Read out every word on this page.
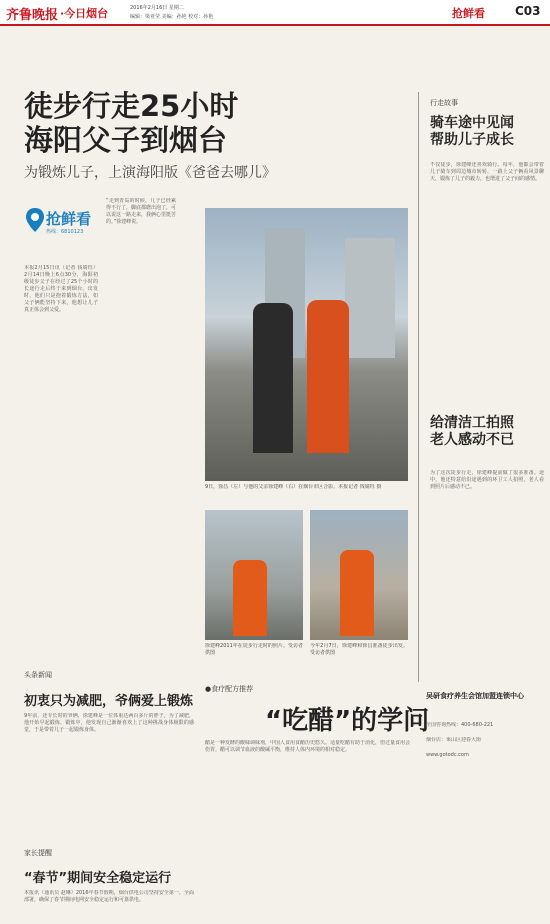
齐鲁晚报 ·今日烟台	2016年2月16日 星期二
编辑：梁亚莹 美编：孙艳 校对：孙艳	抢鲜看	C03
徒步行走25小时
海阳父子到烟台
为锻炼儿子，上演海阳版《爸爸去哪儿》
抢鲜看
热线：6810123
本报2月15日讯（记者 钱婧钰）2月14日晚上6点30分，海阳初级徒步父子在经过了25个小时的长途行走后终于来到烟台。出发时，他们只是抱着锻炼方法，如父子俩能坚持下来，他想让儿子真正体会到父爱。
“走到青岛的时候，儿子已经累得不行了，脚底都磨出泡了，可以说这一路走来，我俩心里挺苦的。”徐建峰说。
9日，徐昌（左）与他的父亲徐建峰（右）在烟台市区合影。本报记者 钱婧钰 摄
徐建峰2011年在徒步行走时的照片。受访者供图
今年2月7日，徐建峰和徐昌准备徒步出发。受访者供图
行走故事
骑车途中见闻
帮助儿子成长
不仅徒步，徐建峰还喜欢骑行。每年，他都会带着儿子骑车到周边城市转转，一路上父子俩看风景聊天，锻炼了儿子的毅力，也增进了父子间的感情。
给清洁工拍照
老人感动不已
为了这次徒步行走，徐建峰提前做了很多准备。途中，他还特意给沿途遇到的环卫工人拍照，老人看到照片后感动不已。
头条新闻
初衷只为减肥，爷俩爱上锻炼
9年前，还专长时的爷俩，徐建峰是一位体重达两百多斤的胖子，为了减肥，他开始早起锻炼。锻炼中，他发现自己渐渐喜欢上了这种挑战身体极限的感觉，于是带着儿子一起锻炼身体。
家长提醒
“春节”期间安全稳定运行
本报讯（通讯员 赵琳）2016年春节假期，烟台供电公司坚持安全第一，全面部署，确保了春节期间电网安全稳定运行和可靠供电。
●食疗配方推荐
“吃醋”的学问
醋是一种发酵的酸味调味剂，中国人食用食醋历史悠久。适量吃醋有助于消化，但过量食用会伤胃。醋可以调节血液的酸碱平衡，维持人体内环境的相对稳定。
吴研食疗养生会馆加盟连锁中心
全国咨询热线：400-680-221
烟台店：莱山区迎春大街
www.gotodc.com
